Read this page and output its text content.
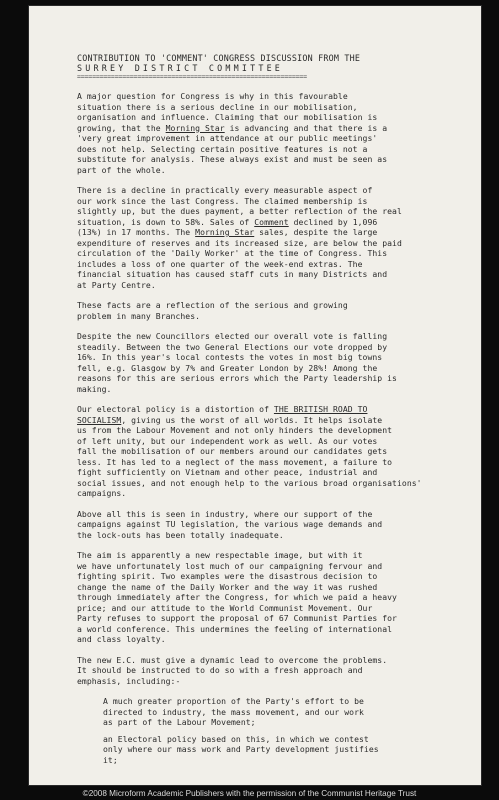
CONTRIBUTION TO 'COMMENT' CONGRESS DISCUSSION FROM THE
SURREY DISTRICT COMMITTEE
=============================================================
A major question for Congress is why in this favourable
situation there is a serious decline in our mobilisation,
organisation and influence. Claiming that our mobilisation is
growing, that the Morning Star is advancing and that there is a
'very great improvement in attendance at our public meetings'
does not help. Selecting certain positive features is not a
substitute for analysis. These always exist and must be seen as
part of the whole.
There is a decline in practically every measurable aspect of
our work since the last Congress. The claimed membership is
slightly up, but the dues payment, a better reflection of the real
situation, is down to 58%. Sales of Comment declined by 1,096
(13%) in 17 months. The Morning Star sales, despite the large
expenditure of reserves and its increased size, are below the paid
circulation of the 'Daily Worker' at the time of Congress. This
includes a loss of one quarter of the week-end extras. The
financial situation has caused staff cuts in many Districts and
at Party Centre.
These facts are a reflection of the serious and growing
problem in many Branches.
Despite the new Councillors elected our overall vote is falling
steadily. Between the two General Elections our vote dropped by
16%. In this year's local contests the votes in most big towns
fell, e.g. Glasgow by 7% and Greater London by 28%! Among the
reasons for this are serious errors which the Party leadership is
making.
Our electoral policy is a distortion of THE BRITISH ROAD TO
SOCIALISM, giving us the worst of all worlds. It helps isolate
us from the Labour Movement and not only hinders the development
of left unity, but our independent work as well. As our votes
fall the mobilisation of our members around our candidates gets
less. It has led to a neglect of the mass movement, a failure to
fight sufficiently on Vietnam and other peace, industrial and
social issues, and not enough help to the various broad organisations'
campaigns.
Above all this is seen in industry, where our support of the
campaigns against TU legislation, the various wage demands and
the lock-outs has been totally inadequate.
The aim is apparently a new respectable image, but with it
we have unfortunately lost much of our campaigning fervour and
fighting spirit. Two examples were the disastrous decision to
change the name of the Daily Worker and the way it was rushed
through immediately after the Congress, for which we paid a heavy
price; and our attitude to the World Communist Movement. Our
Party refuses to support the proposal of 67 Communist Parties for
a world conference. This undermines the feeling of international
and class loyalty.
The new E.C. must give a dynamic lead to overcome the problems.
It should be instructed to do so with a fresh approach and
emphasis, including:-
A much greater proportion of the Party's effort to be
directed to industry, the mass movement, and our work
as part of the Labour Movement;
an Electoral policy based on this, in which we contest
only where our mass work and Party development justifies
it;
©2008 Microform Academic Publishers with the permission of the Communist Heritage Trust
